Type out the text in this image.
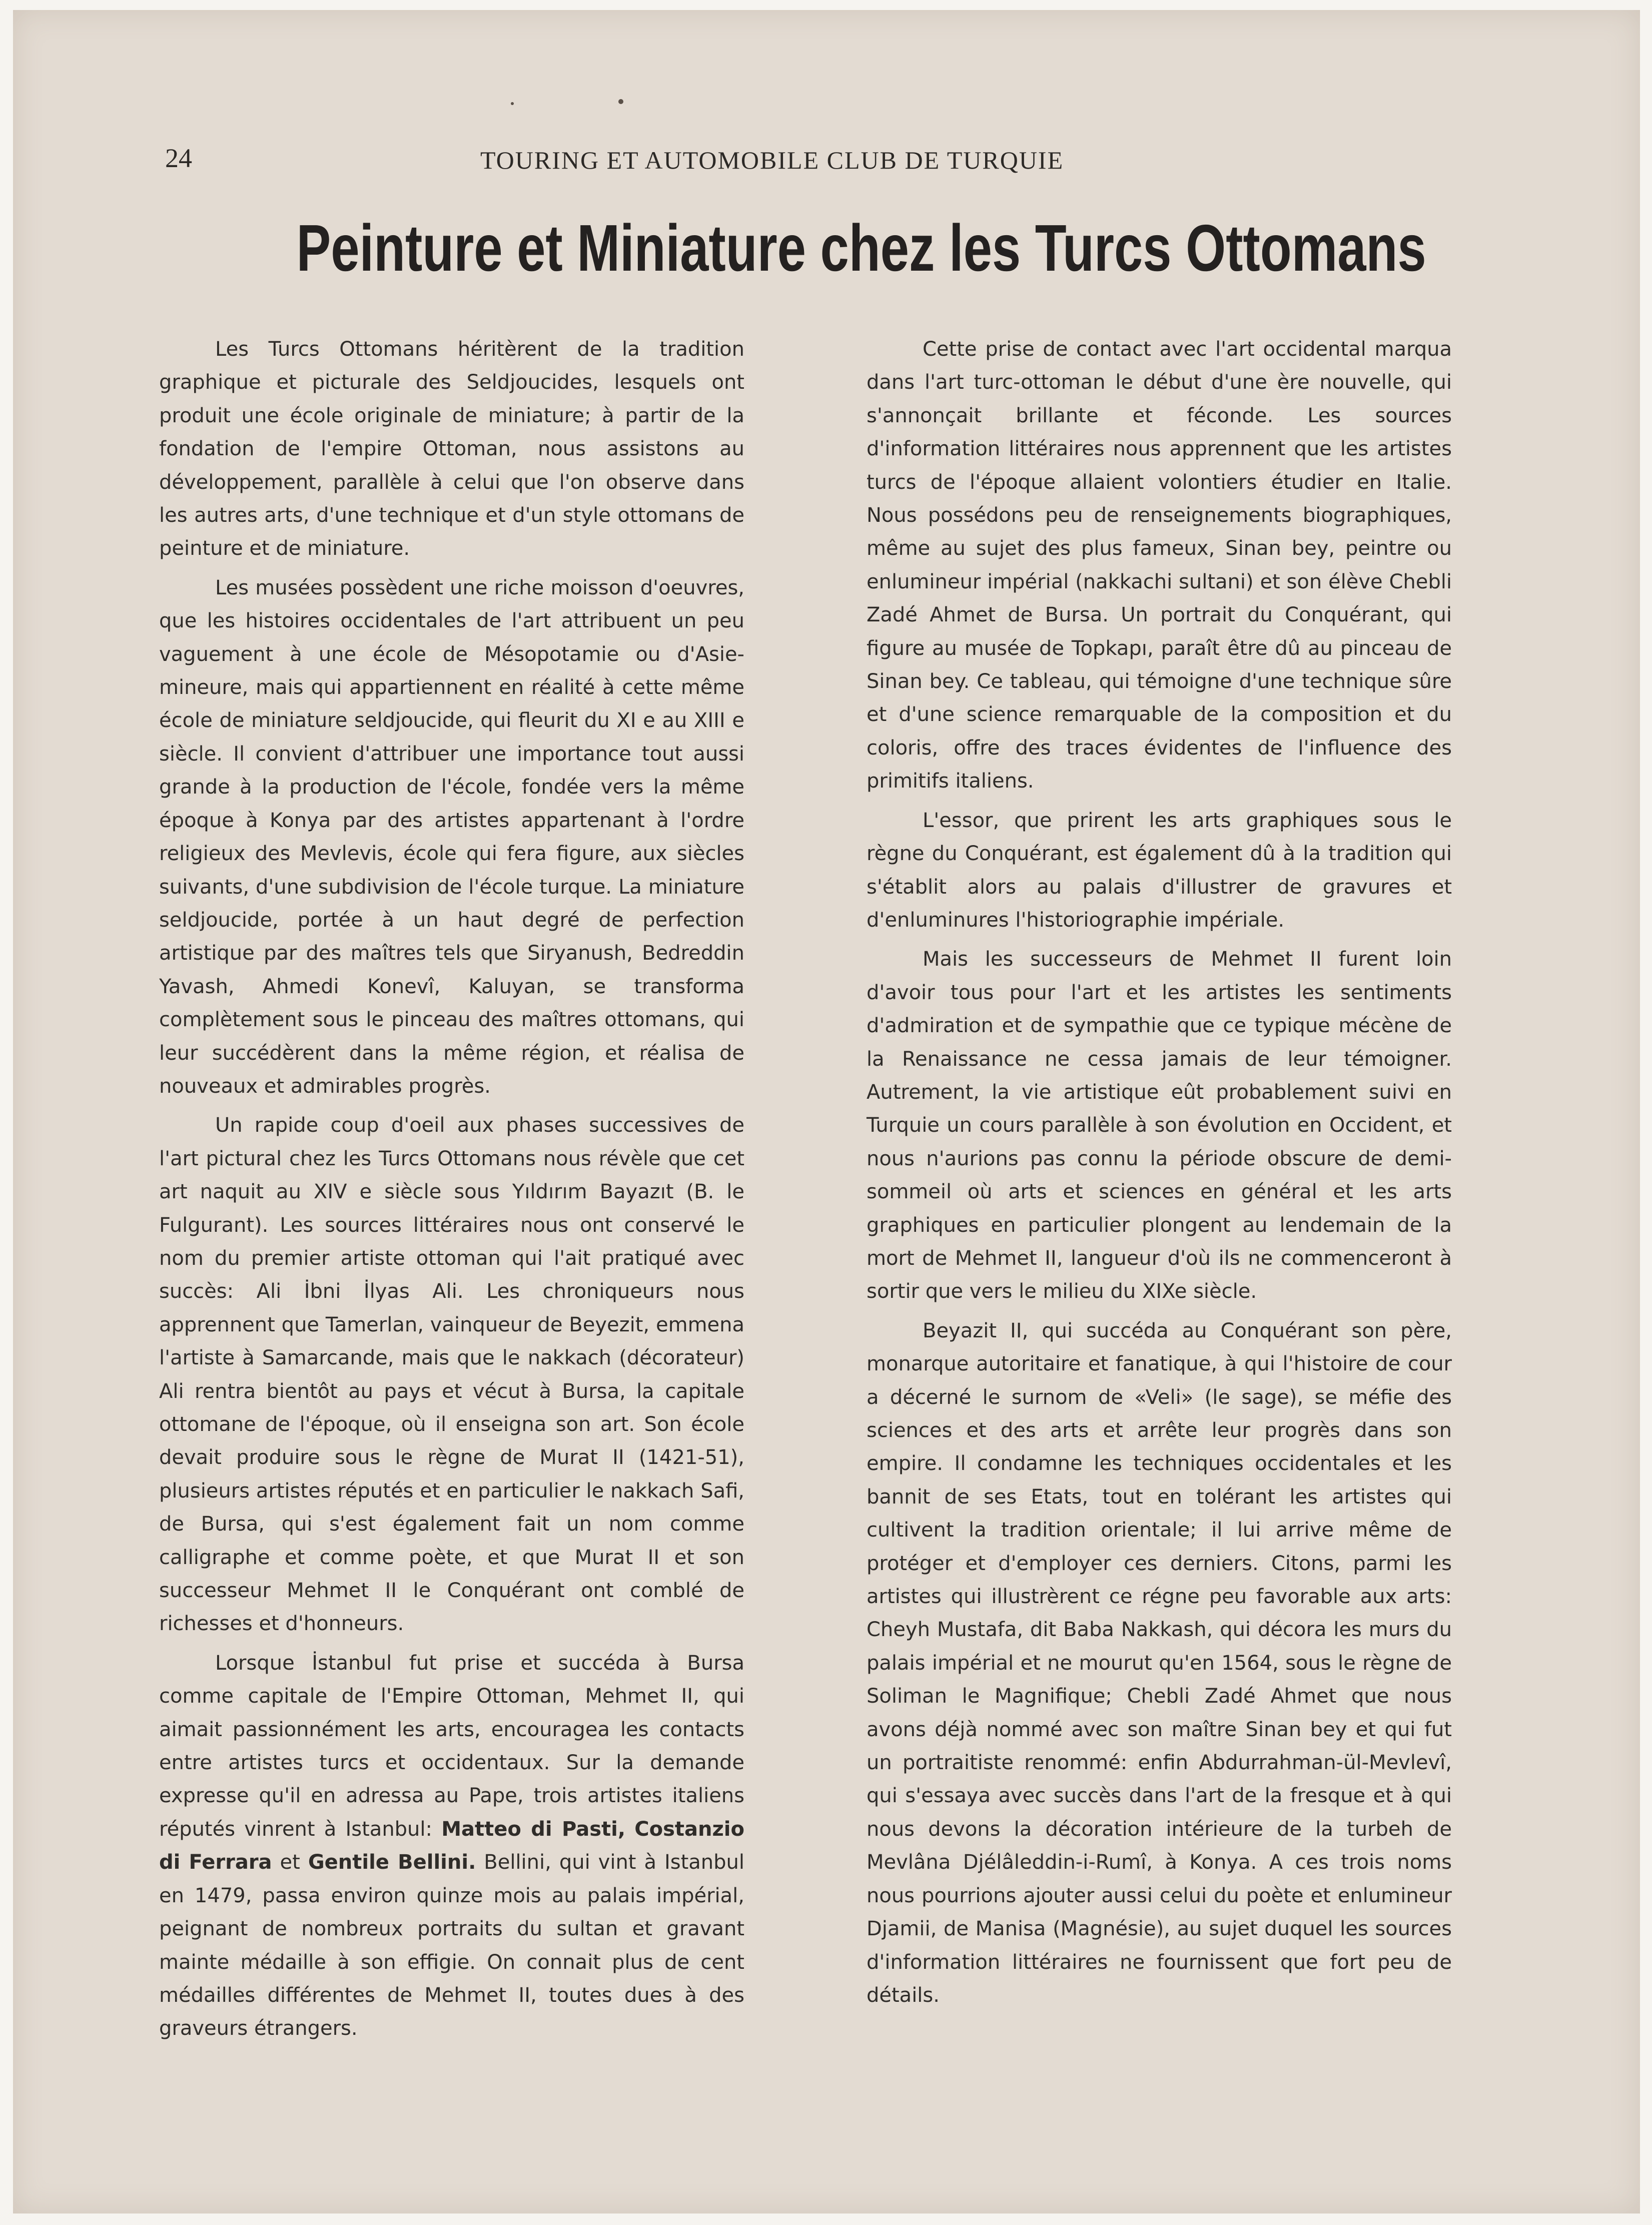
24	TOURING ET AUTOMOBILE CLUB DE TURQUIE
Peinture et Miniature chez les Turcs Ottomans

Les Turcs Ottomans héritèrent de la tradition graphique et picturale des Seldjoucides, lesquels ont produit une école originale de miniature; à partir de la fondation de l'empire Ottoman, nous assistons au développement, parallèle à celui que l'on observe dans les autres arts, d'une technique et d'un style ottomans de peinture et de miniature.

Les musées possèdent une riche moisson d'oeuvres, que les histoires occidentales de l'art attribuent un peu vaguement à une école de Mésopotamie ou d'Asie-mineure, mais qui appartiennent en réalité à cette même école de miniature seldjoucide, qui fleurit du XI e au XIII e siècle. Il convient d'attribuer une importance tout aussi grande à la production de l'école, fondée vers la même époque à Konya par des artistes appartenant à l'ordre religieux des Mevlevis, école qui fera figure, aux siècles suivants, d'une subdivision de l'école turque. La miniature seldjoucide, portée à un haut degré de perfection artistique par des maîtres tels que Siryanush, Bedreddin Yavash, Ahmedi Konevî, Kaluyan, se transforma complètement sous le pinceau des maîtres ottomans, qui leur succédèrent dans la même région, et réalisa de nouveaux et admirables progrès.

Un rapide coup d'oeil aux phases successives de l'art pictural chez les Turcs Ottomans nous révèle que cet art naquit au XIV e siècle sous Yıldırım Bayazıt (B. le Fulgurant). Les sources littéraires nous ont conservé le nom du premier artiste ottoman qui l'ait pratiqué avec succès: Ali İbni İlyas Ali. Les chroniqueurs nous apprennent que Tamerlan, vainqueur de Beyezit, emmena l'artiste à Samarcande, mais que le nakkach (décorateur) Ali rentra bientôt au pays et vécut à Bursa, la capitale ottomane de l'époque, où il enseigna son art. Son école devait produire sous le règne de Murat II (1421-51), plusieurs artistes réputés et en particulier le nakkach Safi, de Bursa, qui s'est également fait un nom comme calligraphe et comme poète, et que Murat II et son successeur Mehmet II le Conquérant ont comblé de richesses et d'honneurs.

Lorsque İstanbul fut prise et succéda à Bursa comme capitale de l'Empire Ottoman, Mehmet II, qui aimait passionnément les arts, encouragea les contacts entre artistes turcs et occidentaux. Sur la demande expresse qu'il en adressa au Pape, trois artistes italiens réputés vinrent à Istanbul: Matteo di Pasti, Costanzio di Ferrara et Gentile Bellini. Bellini, qui vint à Istanbul en 1479, passa environ quinze mois au palais impérial, peignant de nombreux portraits du sultan et gravant mainte médaille à son effigie. On connait plus de cent médailles différentes de Mehmet II, toutes dues à des graveurs étrangers.

Cette prise de contact avec l'art occidental marqua dans l'art turc-ottoman le début d'une ère nouvelle, qui s'annonçait brillante et féconde. Les sources d'information littéraires nous apprennent que les artistes turcs de l'époque allaient volontiers étudier en Italie. Nous possédons peu de renseignements biographiques, même au sujet des plus fameux, Sinan bey, peintre ou enlumineur impérial (nakkachi sultani) et son élève Chebli Zadé Ahmet de Bursa. Un portrait du Conquérant, qui figure au musée de Topkapı, paraît être dû au pinceau de Sinan bey. Ce tableau, qui témoigne d'une technique sûre et d'une science remarquable de la composition et du coloris, offre des traces évidentes de l'influence des primitifs italiens.

L'essor, que prirent les arts graphiques sous le règne du Conquérant, est également dû à la tradition qui s'établit alors au palais d'illustrer de gravures et d'enluminures l'historiographie impériale.

Mais les successeurs de Mehmet II furent loin d'avoir tous pour l'art et les artistes les sentiments d'admiration et de sympathie que ce typique mécène de la Renaissance ne cessa jamais de leur témoigner. Autrement, la vie artistique eût probablement suivi en Turquie un cours parallèle à son évolution en Occident, et nous n'aurions pas connu la période obscure de demi-sommeil où arts et sciences en général et les arts graphiques en particulier plongent au lendemain de la mort de Mehmet II, langueur d'où ils ne commenceront à sortir que vers le milieu du XIXe siècle.

Beyazit II, qui succéda au Conquérant son père, monarque autoritaire et fanatique, à qui l'histoire de cour a décerné le surnom de «Veli» (le sage), se méfie des sciences et des arts et arrête leur progrès dans son empire. Il condamne les techniques occidentales et les bannit de ses Etats, tout en tolérant les artistes qui cultivent la tradition orientale; il lui arrive même de protéger et d'employer ces derniers. Citons, parmi les artistes qui illustrèrent ce régne peu favorable aux arts: Cheyh Mustafa, dit Baba Nakkash, qui décora les murs du palais impérial et ne mourut qu'en 1564, sous le règne de Soliman le Magnifique; Chebli Zadé Ahmet que nous avons déjà nommé avec son maître Sinan bey et qui fut un portraitiste renommé: enfin Abdurrahman-ül-Mevlevî, qui s'essaya avec succès dans l'art de la fresque et à qui nous devons la décoration intérieure de la turbeh de Mevlâna Djélâleddin-i-Rumî, à Konya. A ces trois noms nous pourrions ajouter aussi celui du poète et enlumineur Djamii, de Manisa (Magnésie), au sujet duquel les sources d'information littéraires ne fournissent que fort peu de détails.
